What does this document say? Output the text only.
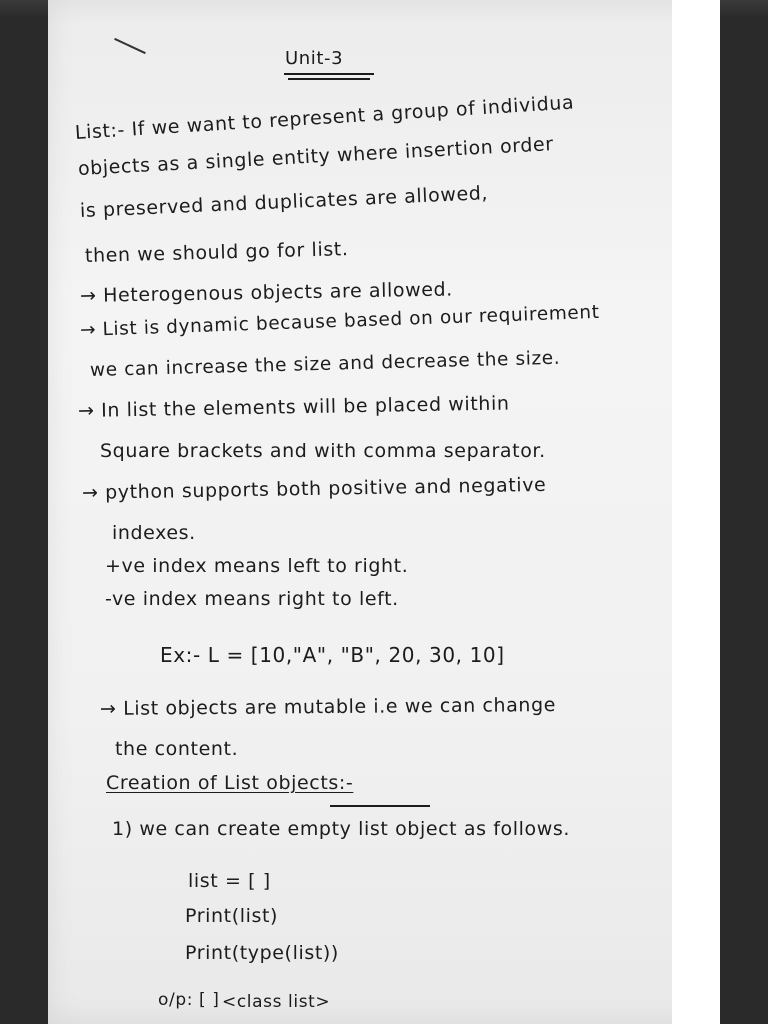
Unit-3
List:- If we want to represent a group of individua
objects as a single entity where insertion order
is preserved and duplicates are allowed,
then we should go for list.
→ Heterogenous objects are allowed.
→ List is dynamic because based on our requirement
we can increase the size and decrease the size.
→ In list the elements will be placed within
Square brackets and with comma separator.
→ python supports both positive and negative
indexes.
+ve index means left to right.
-ve index means right to left.
Ex:- L = [10,"A", "B", 20, 30, 10]
→ List objects are mutable i.e we can change
the content.
Creation of List objects:-
1) we can create empty list object as follows.
list = [ ]
Print(list)
Print(type(list))
o/p: [ ] <class list>
